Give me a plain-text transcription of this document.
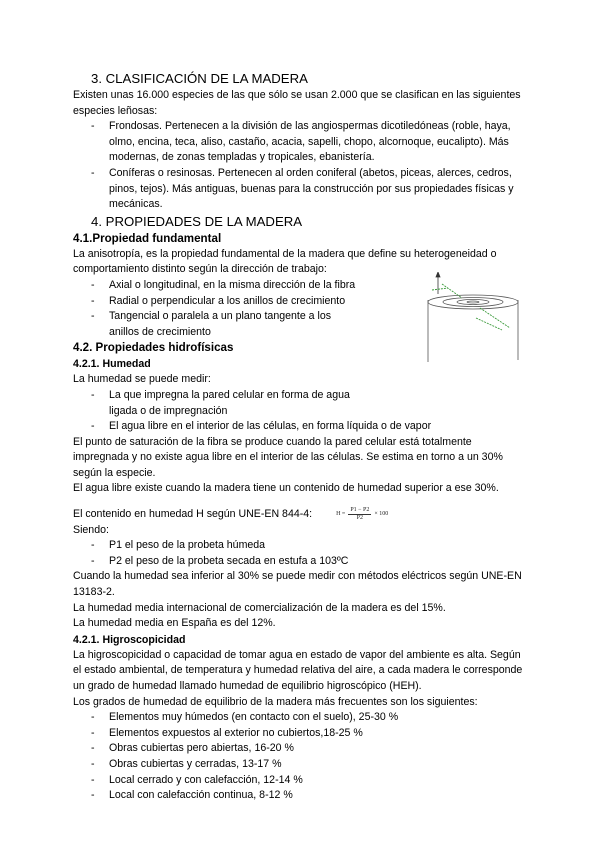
3. CLASIFICACIÓN DE LA MADERA

Existen unas 16.000 especies de las que sólo se usan 2.000 que se clasifican en las siguientes especies leñosas:

- Frondosas. Pertenecen a la división de las angiospermas dicotiledóneas (roble, haya, olmo, encina, teca, aliso, castaño, acacia, sapelli, chopo, alcornoque, eucalipto). Más modernas, de zonas templadas y tropicales, ebanistería.
- Coníferas o resinosas. Pertenecen al orden coniferal (abetos, piceas, alerces, cedros, pinos, tejos). Más antiguas, buenas para la construcción por sus propiedades físicas y mecánicas.
4. PROPIEDADES DE LA MADERA
4.1.Propiedad fundamental

La anisotropía, es la propiedad fundamental de la madera que define su heterogeneidad o comportamiento distinto según la dirección de trabajo:

- Axial o longitudinal, en la misma dirección de la fibra
- Radial o perpendicular a los anillos de crecimiento
- Tangencial o paralela a un plano tangente a los anillos de crecimiento
4.2. Propiedades hidrofísicas
4.2.1. Humedad

La humedad se puede medir:

- La que impregna la pared celular en forma de agua ligada o de impregnación
- El agua libre en el interior de las células, en forma líquida o de vapor

El punto de saturación de la fibra se produce cuando la pared celular está totalmente impregnada y no existe agua libre en el interior de las células. Se estima en torno a un 30% según la especie.

El agua libre existe cuando la madera tiene un contenido de humedad superior a ese 30%.

El contenido en humedad H según UNE-EN 844-4:	$H = \frac{P1 - P2}{P2} \times 100$

Siendo:

- P1 el peso de la probeta húmeda
- P2 el peso de la probeta secada en estufa a 103ºC

Cuando la humedad sea inferior al 30% se puede medir con métodos eléctricos según UNE-EN 13183-2.

La humedad media internacional de comercialización de la madera es del 15%.

La humedad media en España es del 12%.

4.2.1. Higroscopicidad

La higroscopicidad o capacidad de tomar agua en estado de vapor del ambiente es alta. Según el estado ambiental, de temperatura y humedad relativa del aire, a cada madera le corresponde un grado de humedad llamado humedad de equilibrio higroscópico (HEH).

Los grados de humedad de equilibrio de la madera más frecuentes son los siguientes:

- Elementos muy húmedos (en contacto con el suelo), 25-30 %
- Elementos expuestos al exterior no cubiertos,18-25 %
- Obras cubiertas pero abiertas, 16-20 %
- Obras cubiertas y cerradas, 13-17 %
- Local cerrado y con calefacción, 12-14 %
- Local con calefacción continua, 8-12 %
